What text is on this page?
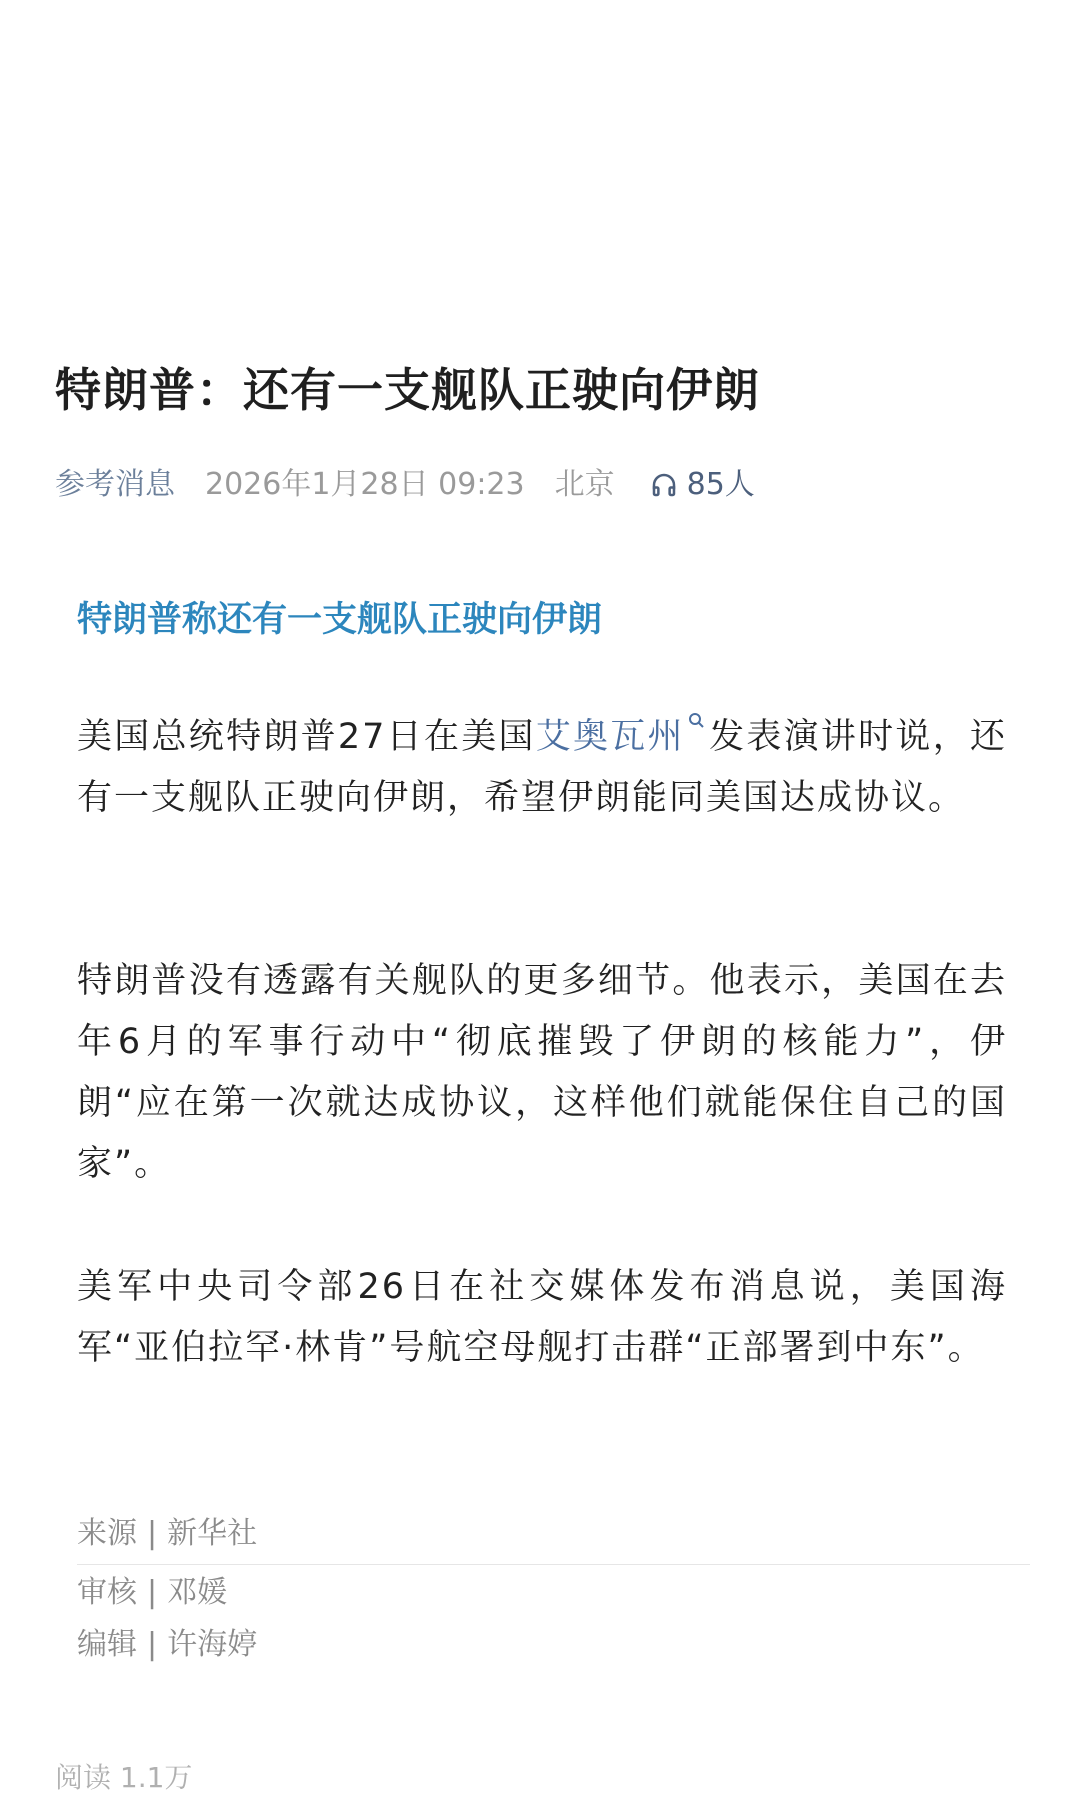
特朗普：还有一支舰队正驶向伊朗
参考消息 2026年1月28日 09:23 北京 85人
特朗普称还有一支舰队正驶向伊朗

美国总统特朗普27日在美国艾奥瓦州 发表演讲时说，还有一支舰队正驶向伊朗，希望伊朗能同美国达成协议。

特朗普没有透露有关舰队的更多细节。他表示，美国在去年6月的军事行动中“彻底摧毁了伊朗的核能力”，伊朗“应在第一次就达成协议，这样他们就能保住自己的国家”。

美军中央司令部26日在社交媒体发布消息说，美国海军“亚伯拉罕·林肯”号航空母舰打击群“正部署到中东”。

来源 | 新华社
审核 | 邓媛
编辑 | 许海婷
阅读 1.1万
